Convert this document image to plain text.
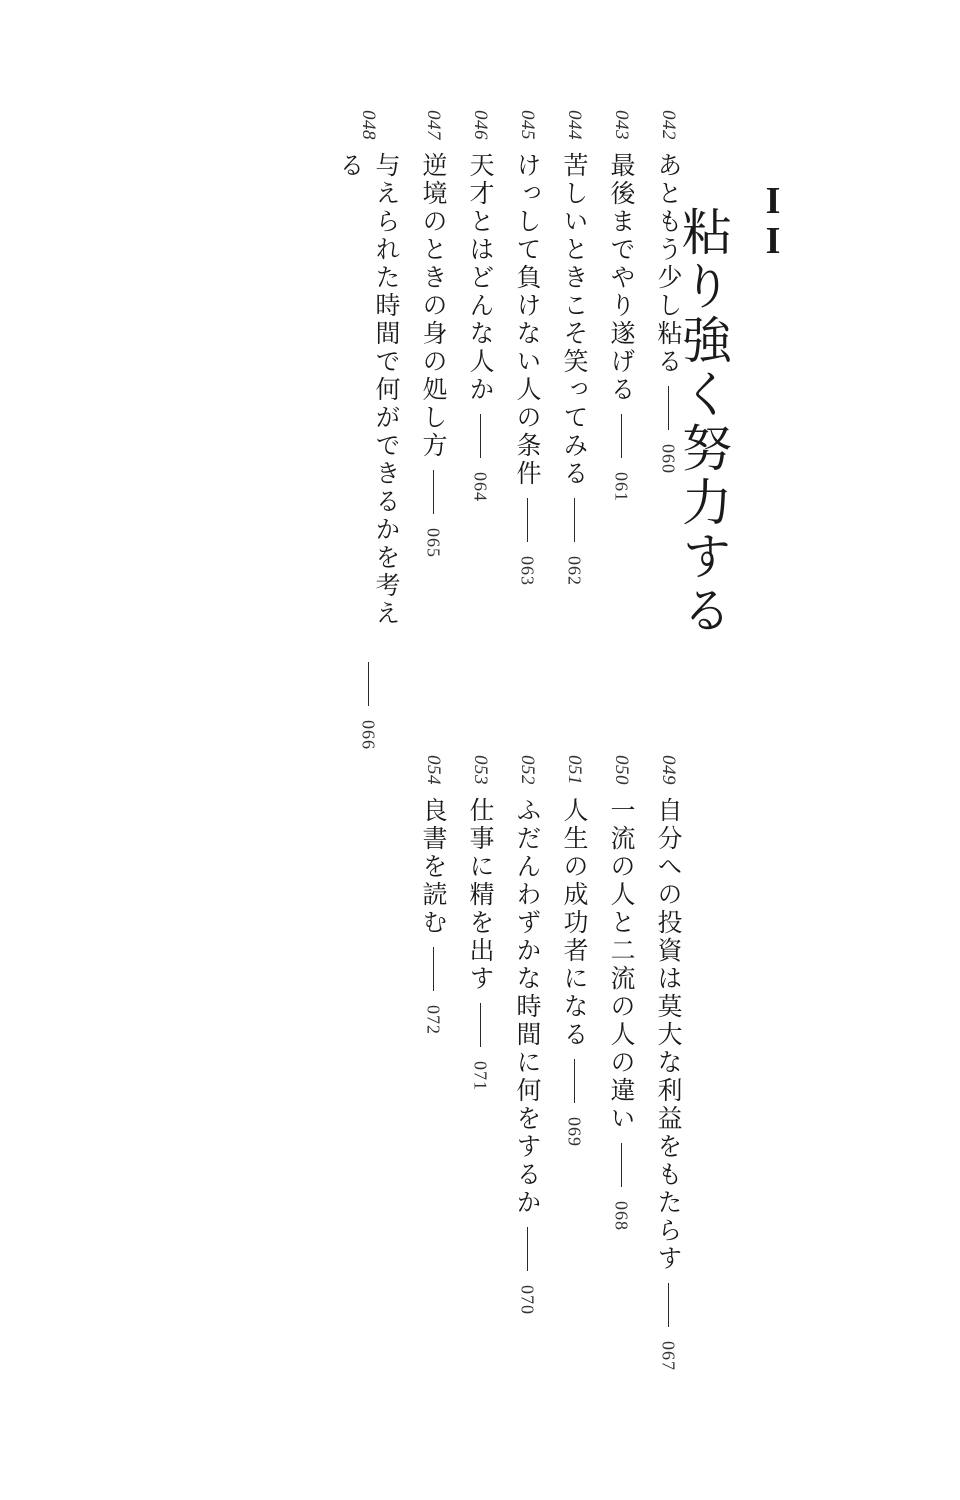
II
粘り強く努力する
042
あともう少し粘る
060
043
最後までやり遂げる
061
044
苦しいときこそ笑ってみる
062
045
けっして負けない人の条件
063
046
天才とはどんな人か
064
047
逆境のときの身の処し方
065
048
与えられた時間で何ができるかを考える
066
049
自分への投資は莫大な利益をもたらす
067
050
一流の人と二流の人の違い
068
051
人生の成功者になる
069
052
ふだんわずかな時間に何をするか
070
053
仕事に精を出す
071
054
良書を読む
072
